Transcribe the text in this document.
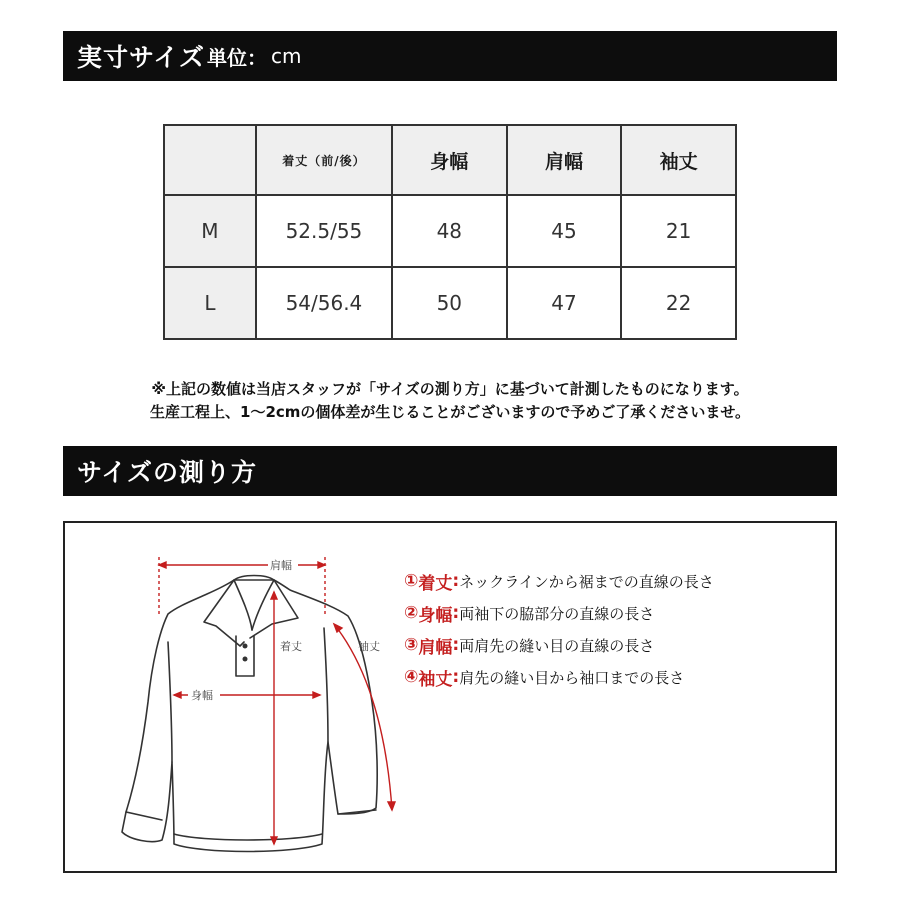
実寸サイズ 単位： cm
	着丈（前/後）	身幅	肩幅	袖丈
M	52.5/55	48	45	21
L	54/56.4	50	47	22
※上記の数値は当店スタッフが「サイズの測り方」に基づいて計測したものになります。
生産工程上、1〜2cmの個体差が生じることがございますので予めご了承くださいませ。
サイズの測り方
肩幅
着丈	袖丈
身幅
① 着丈 : ネックラインから裾までの直線の長さ
② 身幅 : 両袖下の脇部分の直線の長さ
③ 肩幅 : 両肩先の縫い目の直線の長さ
④ 袖丈 : 肩先の縫い目から袖口までの長さ
